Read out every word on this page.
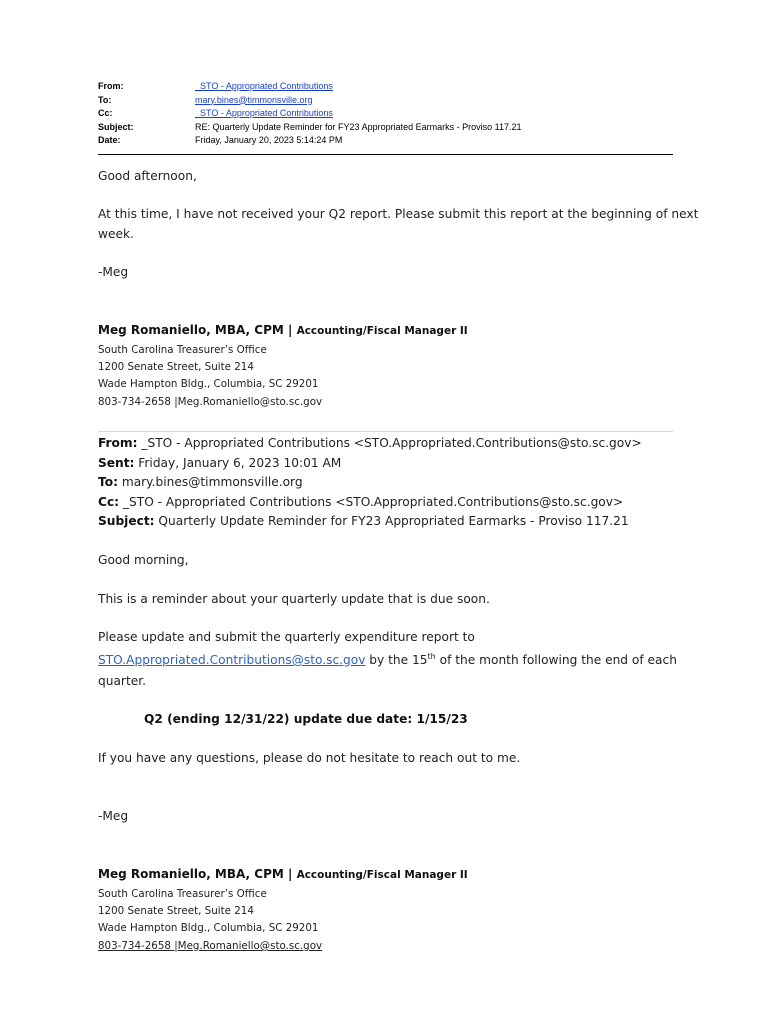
From:	_STO - Appropriated Contributions
To:	mary.bines@timmonsville.org
Cc:	_STO - Appropriated Contributions
Subject:	RE: Quarterly Update Reminder for FY23 Appropriated Earmarks - Proviso 117.21
Date:	Friday, January 20, 2023 5:14:24 PM
Good afternoon,
At this time, I have not received your Q2 report. Please submit this report at the beginning of next
week.
-Meg
Meg Romaniello, MBA, CPM | Accounting/Fiscal Manager II
South Carolina Treasurer’s Office
1200 Senate Street, Suite 214
Wade Hampton Bldg., Columbia, SC 29201
803-734-2658 |Meg.Romaniello@sto.sc.gov
From: _STO - Appropriated Contributions <STO.Appropriated.Contributions@sto.sc.gov>
Sent: Friday, January 6, 2023 10:01 AM
To: mary.bines@timmonsville.org
Cc: _STO - Appropriated Contributions <STO.Appropriated.Contributions@sto.sc.gov>
Subject: Quarterly Update Reminder for FY23 Appropriated Earmarks - Proviso 117.21
Good morning,
This is a reminder about your quarterly update that is due soon.
Please update and submit the quarterly expenditure report to
STO.Appropriated.Contributions@sto.sc.gov by the 15th of the month following the end of each
quarter.
Q2 (ending 12/31/22) update due date: 1/15/23
If you have any questions, please do not hesitate to reach out to me.
-Meg
Meg Romaniello, MBA, CPM | Accounting/Fiscal Manager II
South Carolina Treasurer’s Office
1200 Senate Street, Suite 214
Wade Hampton Bldg., Columbia, SC 29201
803-734-2658 |Meg.Romaniello@sto.sc.gov
